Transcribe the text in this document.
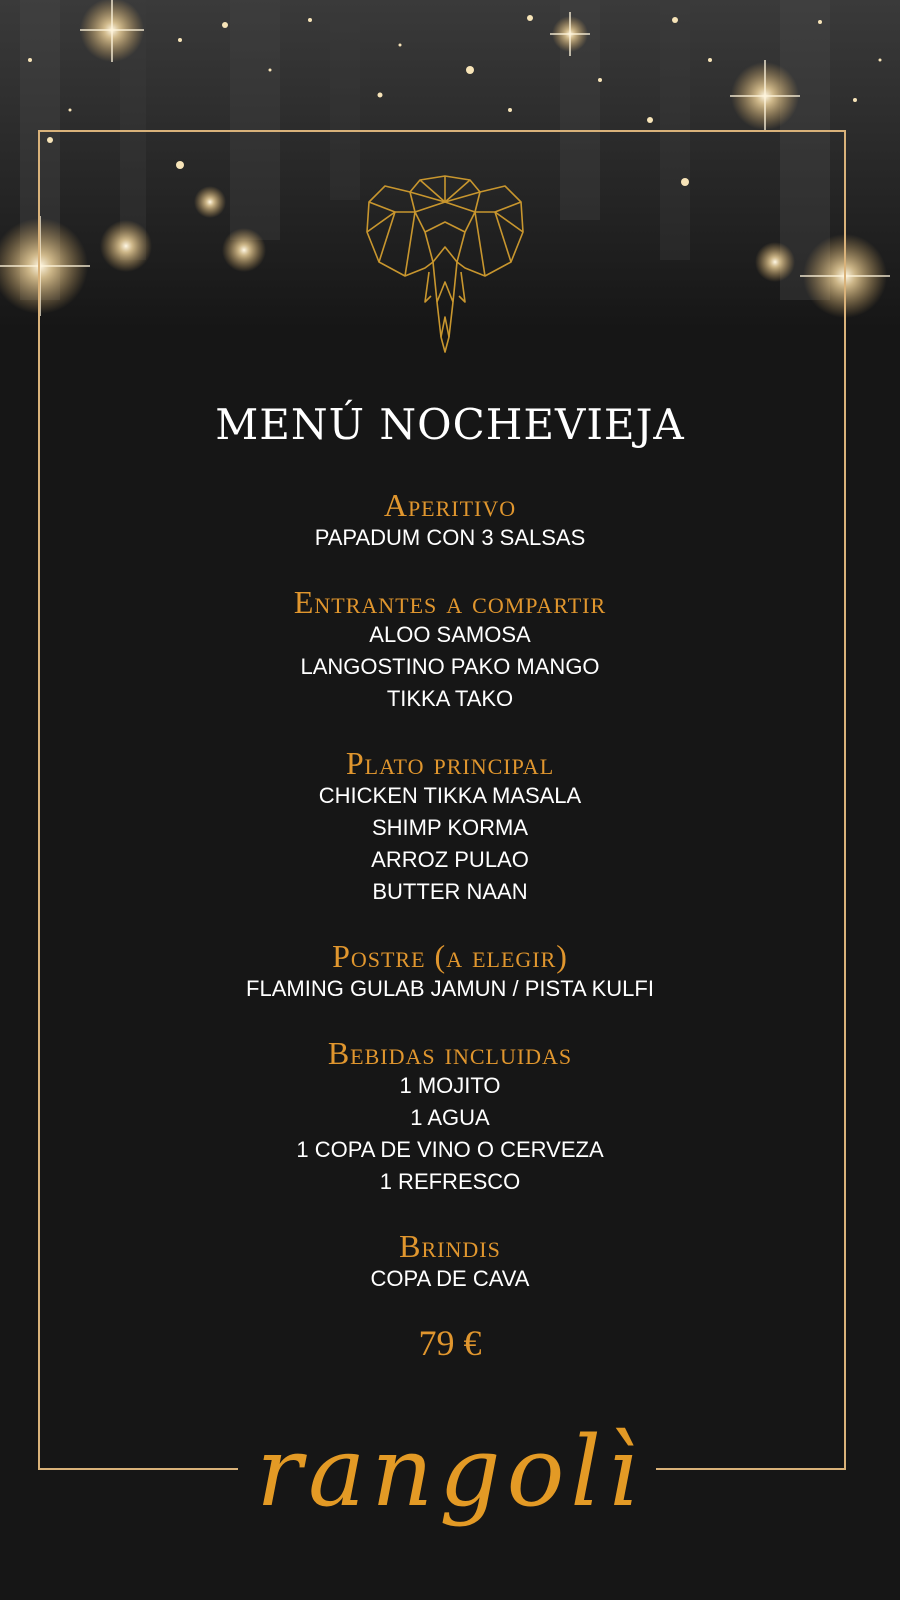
MENÚ NOCHEVIEJA
Aperitivo
PAPADUM CON 3 SALSAS
Entrantes a compartir
ALOO SAMOSA
LANGOSTINO PAKO MANGO
TIKKA TAKO
Plato principal
CHICKEN TIKKA MASALA
SHIMP KORMA
ARROZ PULAO
BUTTER NAAN
Postre (a elegir)
FLAMING GULAB JAMUN / PISTA KULFI
Bebidas incluidas
1 MOJITO
1 AGUA
1 COPA DE VINO O CERVEZA
1 REFRESCO
Brindis
COPA DE CAVA
79 €
rangolì
